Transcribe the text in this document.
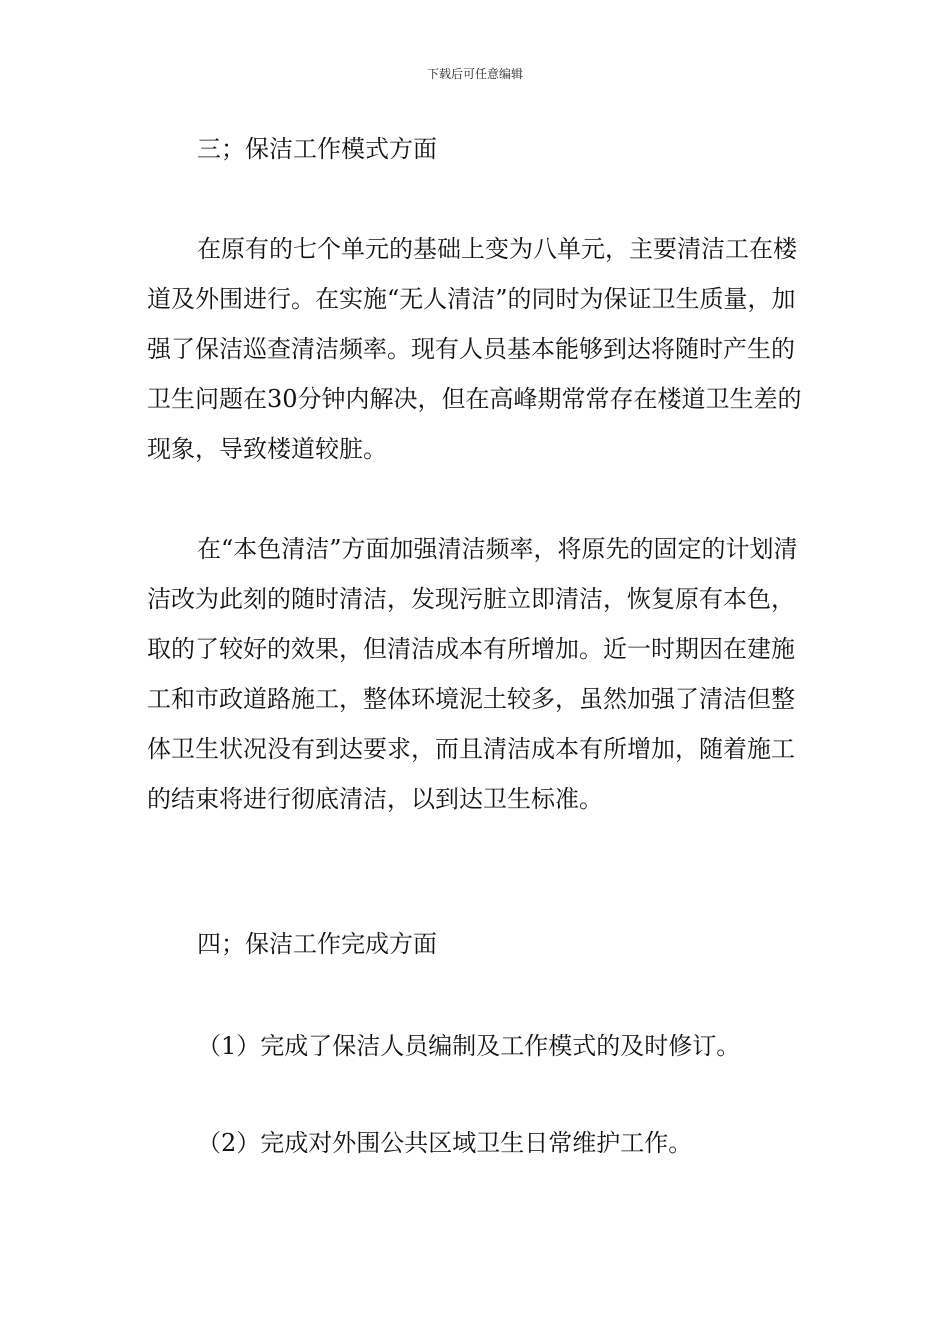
下载后可任意编辑

三；保洁工作模式方面

在原有的七个单元的基础上变为八单元，主要清洁工在楼道及外围进行。在实施“无人清洁”的同时为保证卫生质量，加强了保洁巡查清洁频率。现有人员基本能够到达将随时产生的卫生问题在30分钟内解决，但在高峰期常常存在楼道卫生差的现象，导致楼道较脏。

在“本色清洁”方面加强清洁频率，将原先的固定的计划清洁改为此刻的随时清洁，发现污脏立即清洁，恢复原有本色，取的了较好的效果，但清洁成本有所增加。近一时期因在建施工和市政道路施工，整体环境泥土较多，虽然加强了清洁但整体卫生状况没有到达要求，而且清洁成本有所增加，随着施工的结束将进行彻底清洁，以到达卫生标准。

四；保洁工作完成方面

（1）完成了保洁人员编制及工作模式的及时修订。

（2）完成对外围公共区域卫生日常维护工作。
